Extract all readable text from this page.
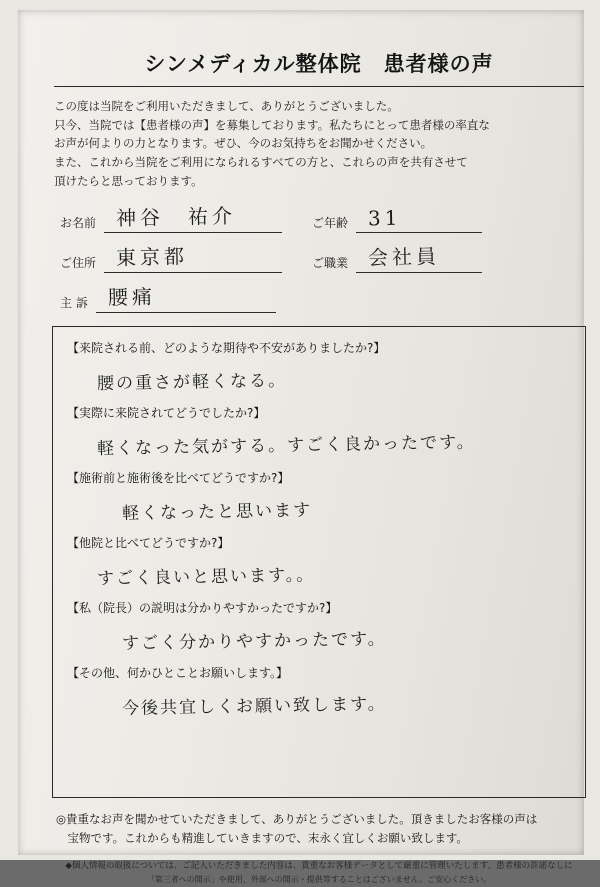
シンメディカル整体院　患者様の声
この度は当院をご利用いただきまして、ありがとうございました。
只今、当院では【患者様の声】を募集しております。私たちにとって患者様の率直な
お声が何よりの力となります。ぜひ、今のお気持ちをお聞かせください。
また、これから当院をご利用になられるすべての方と、これらの声を共有させて
頂けたらと思っております。
お名前 神谷　祐介	ご年齢 31
ご住所 東京都	ご職業 会社員
主 訴 腰痛
【来院される前、どのような期待や不安がありましたか?】
腰の重さが軽くなる。
【実際に来院されてどうでしたか?】
軽くなった気がする。すごく良かったです。
【施術前と施術後を比べてどうですか?】
軽くなったと思います
【他院と比べてどうですか?】
すごく良いと思います。。
【私（院長）の説明は分かりやすかったですか?】
すごく分かりやすかったです。
【その他、何かひとことお願いします。】
今後共宜しくお願い致します。
◎貴重なお声を聞かせていただきまして、ありがとうございました。頂きましたお客様の声は
　宝物です。これからも精進していきますので、末永く宜しくお願い致します。
◆個人情報の取扱については、ご記入いただきました内容は、貴重なお客様データとして厳重に管理いたします。患者様の許諾なしに
「第三者への開示」や使用、外部への開示・提供等することはございません。ご安心ください。
